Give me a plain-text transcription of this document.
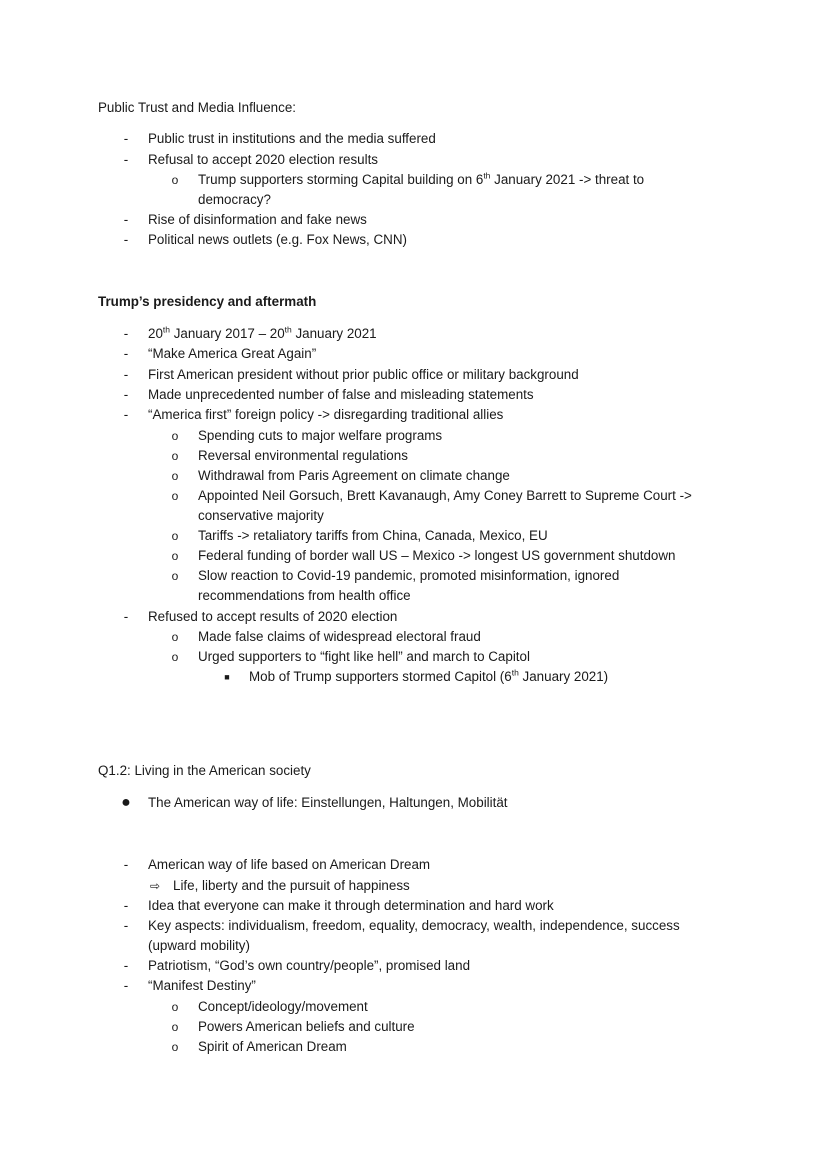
Public Trust and Media Influence:
-	Public trust in institutions and the media suffered
-	Refusal to accept 2020 election results
o Trump supporters storming Capital building on 6th January 2021 -> threat to
democracy?
-	Rise of disinformation and fake news
-	Political news outlets (e.g. Fox News, CNN)
Trump’s presidency and aftermath
-	20th January 2017 – 20th January 2021
-	“Make America Great Again”
-	First American president without prior public office or military background
-	Made unprecedented number of false and misleading statements
-	“America first” foreign policy -> disregarding traditional allies
o Spending cuts to major welfare programs
o Reversal environmental regulations
o Withdrawal from Paris Agreement on climate change
o Appointed Neil Gorsuch, Brett Kavanaugh, Amy Coney Barrett to Supreme Court ->
conservative majority
o Tariffs -> retaliatory tariffs from China, Canada, Mexico, EU
o Federal funding of border wall US – Mexico -> longest US government shutdown
o Slow reaction to Covid-19 pandemic, promoted misinformation, ignored
recommendations from health office
-	Refused to accept results of 2020 election
o Made false claims of widespread electoral fraud
o Urged supporters to “fight like hell” and march to Capitol
■	Mob of Trump supporters stormed Capitol (6th January 2021)
Q1.2: Living in the American society
● The American way of life: Einstellungen, Haltungen, Mobilität
-	American way of life based on American Dream
⇨ Life, liberty and the pursuit of happiness
-	Idea that everyone can make it through determination and hard work
-	Key aspects: individualism, freedom, equality, democracy, wealth, independence, success
(upward mobility)
-	Patriotism, “God’s own country/people”, promised land
-	“Manifest Destiny”
o Concept/ideology/movement
o Powers American beliefs and culture
o Spirit of American Dream
